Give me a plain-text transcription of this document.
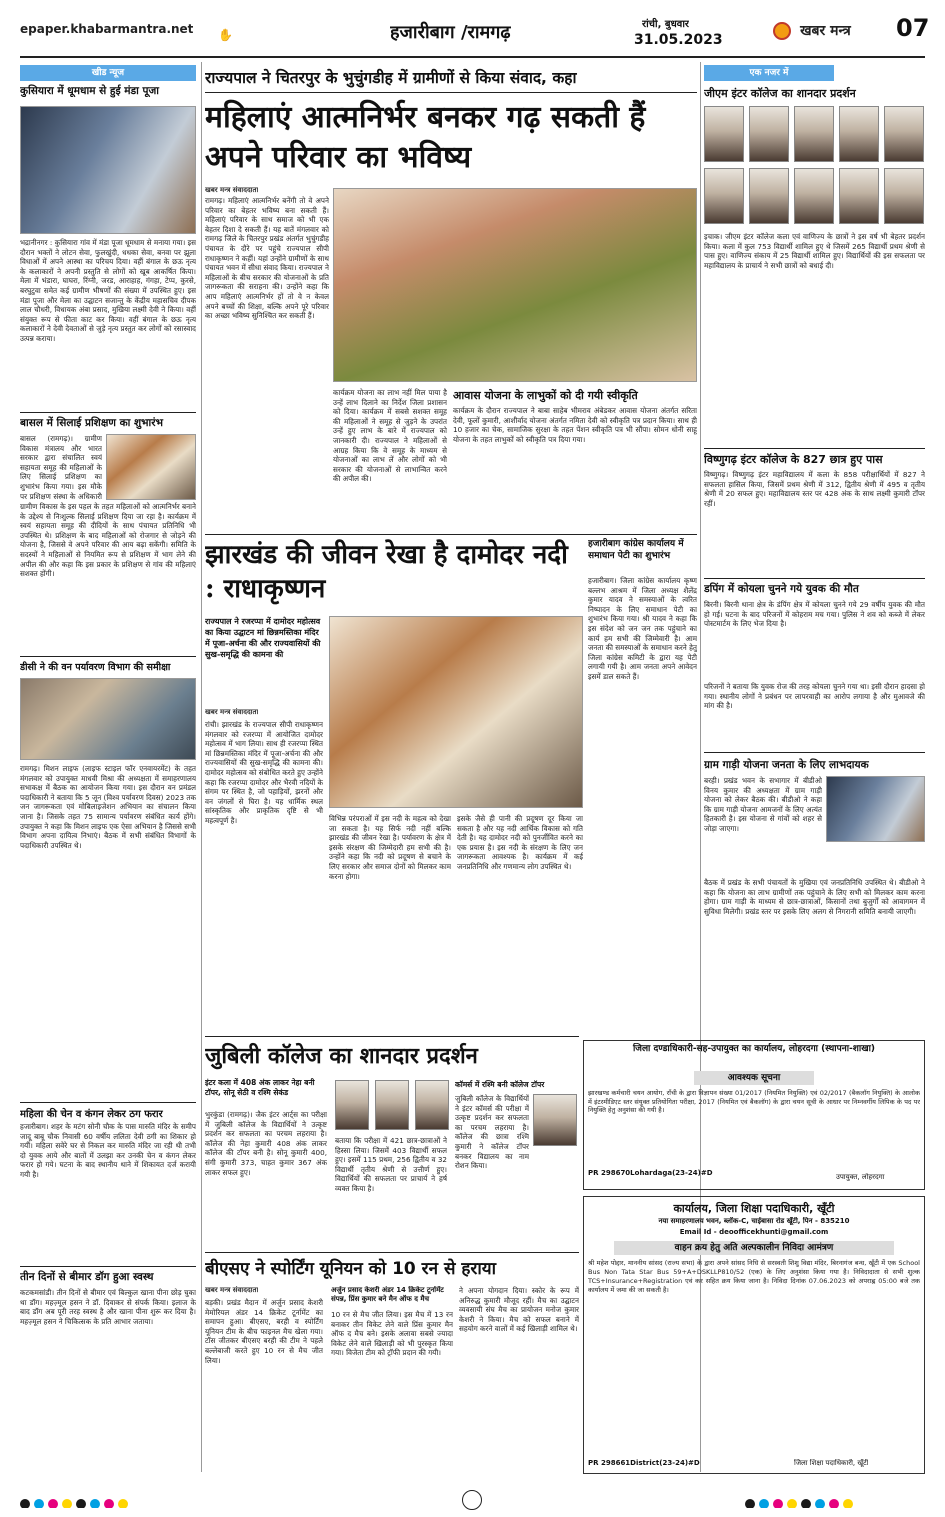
epaper.khabarmantra.net ✋	हजारीबाग /रामगढ़	रांची, बुधवार
31.05.2023
खबर मन्त्र	07
खीड न्यूज
कुसियारा में धूमधाम से हुई मंडा पूजा
भद्रानीनगर : कुसियारा गांव में मंडा पूजा धूमधाम से मनाया गया। इस दौरान भक्तों ने लोटन सेवा, फुलखुंदी, धधका सेवा, बनवा पर झूला विधाओं में अपने आस्था का परिचय दिया। वहीं बंगाल के छऊ नृत्य के कलाकारों ने अपनी प्रस्तुति से लोगों को खूब आकर्षित किया। मेला में भंडारा, घाघरा, रिंग्नी, जरड, आराहाह, गंगहा, टेप्प, कुरसे, बरघुटुवा समेत कई ग्रामीण भीषणों की संख्या में उपस्थित हुए। इस मंडा पूजा और मेला का उद्घाटन सजान्तु के केंद्रीय महासचिव दीपक लाल चौधरी, विधायक अंबा प्रसाद, मुखिया लक्ष्मी देवी ने किया। वहीं संयुक्त रूप से फीता काट कर किया। वहीं बंगाल के छऊ नृत्य कलाकारों ने देवी देवताओं से जुड़े नृत्य प्रस्तुत कर लोगों को रसास्वाद उत्पन्न कराया।
बासल में सिलाई प्रशिक्षण का शुभारंभ
बासल (रामगढ़)। ग्रामीण विकास मंत्रालय और भारत सरकार द्वारा संचालित स्वयं सहायता समूह की महिलाओं के लिए सिलाई प्रशिक्षण का शुभारंभ किया गया। इस मौके पर प्रशिक्षण संस्था के अधिकारी
ग्रामीण विकास के इस पहल के तहत महिलाओं को आत्मनिर्भर बनाने के उद्देश्य से निःशुल्क सिलाई प्रशिक्षण दिया जा रहा है। कार्यक्रम में स्वयं सहायता समूह की दीदियों के साथ पंचायत प्रतिनिधि भी उपस्थित थे। प्रशिक्षण के बाद महिलाओं को रोजगार से जोड़ने की योजना है, जिससे वे अपने परिवार की आय बढ़ा सकेंगी। समिति के सदस्यों ने महिलाओं से नियमित रूप से प्रशिक्षण में भाग लेने की अपील की और कहा कि इस प्रकार के प्रशिक्षण से गांव की महिलाएं सशक्त होंगी।
डीसी ने की वन पर्यावरण विभाग की समीक्षा
रामगढ़। मिशन लाइफ (लाइफ स्टाइल फॉर एनवायरमेंट) के तहत मंगलवार को उपायुक्त माधवी मिश्रा की अध्यक्षता में समाहरणालय सभाकक्ष में बैठक का आयोजन किया गया। इस दौरान वन प्रमंडल पदाधिकारी ने बताया कि 5 जून (विश्व पर्यावरण दिवस) 2023 तक जन जागरूकता एवं मोबिलाइजेशन अभियान का संचालन किया जाना है। जिसके तहत 75 सामान्य पर्यावरण संबंधित कार्य होंगे। उपायुक्त ने कहा कि मिशन लाइफ एक ऐसा अभियान है जिससे सभी विभाग अपना दायित्व निभाएं। बैठक में सभी संबंधित विभागों के पदाधिकारी उपस्थित थे।
महिला की चेन व कंगन लेकर ठग फरार
हजारीबाग। शहर के मटंग सोनी चौक के पास मारुति मंदिर के समीप जादू बाबू चौक निवासी 60 वर्षीय ललिता देवी ठगी का शिकार हो गयीं। महिला सवेरे घर से निकल कर मारुति मंदिर जा रही थी तभी दो युवक आये और बातों में उलझा कर उनकी चेन व कंगन लेकर फरार हो गये। घटना के बाद स्थानीय थाने में शिकायत दर्ज करायी गयी है।
तीन दिनों से बीमार डॉग हुआ स्वस्थ
कटकमसांडी। तीन दिनों से बीमार एवं बिल्कुल खाना पीना छोड़ चुका था डॉग। महज़्मूल हसन ने डॉ. दिवाकर से संपर्क किया। इलाज के बाद डॉग अब पूरी तरह स्वस्थ है और खाना पीना शुरू कर दिया है। महज़्मूल हसन ने चिकित्सक के प्रति आभार जताया।
राज्यपाल ने चितरपुर के भुचुंगडीह में ग्रामीणों से किया संवाद, कहा
महिलाएं आत्मनिर्भर बनकर गढ़ सकती हैं अपने परिवार का भविष्य
खबर मन्त्र संवाददाता
रामगढ़। महिलाएं आत्मनिर्भर बनेंगी तो वे अपने परिवार का बेहतर भविष्य बना सकती हैं। महिलाएं परिवार के साथ समाज को भी एक बेहतर दिशा दे सकती हैं। यह बातें मंगलवार को रामगढ़ जिले के चितरपुर प्रखंड अंतर्गत भुचुंगडीह पंचायत के दौरे पर पहुंचे राज्यपाल सीपी राधाकृष्णन ने कहीं। यहां उन्होंने ग्रामीणों के साथ पंचायत भवन में सीधा संवाद किया। राज्यपाल ने महिलाओं के बीच सरकार की योजनाओं के प्रति जागरूकता की सराहना की। उन्होंने कहा कि आप महिलाएं आत्मनिर्भर हों तो वे न केवल अपने बच्चों की शिक्षा, बल्कि अपने पूरे परिवार का अच्छा भविष्य सुनिश्चित कर सकती हैं।
कार्यक्रम योजना का लाभ नहीं मिल पाया है उन्हें लाभ दिलाने का निर्देश जिला प्रशासन को दिया। कार्यक्रम में सबसे सशक्त समूह की महिलाओं ने समूह से जुड़ने के उपरांत उन्हें हुए लाभ के बारे में राज्यपाल को जानकारी दी। राज्यपाल ने महिलाओं से आग्रह किया कि वे समूह के माध्यम से योजनाओं का लाभ लें और लोगों को भी सरकार की योजनाओं से लाभान्वित करने की अपील की।
आवास योजना के लाभुकों को दी गयी स्वीकृति
कार्यक्रम के दौरान राज्यपाल ने बाबा साहेब भीमराव अंबेडकर आवास योजना अंतर्गत सरिता देवी, फूलों कुमारी, आशीर्वाद योजना अंतर्गत नमिता देवी को स्वीकृति पत्र प्रदान किया। साथ ही 10 हजार का चेक, सामाजिक सुरक्षा के तहत पेंशन स्वीकृति पत्र भी सौंपा। सोमन धोनी साहू योजना के तहत लाभुकों को स्वीकृति पत्र दिया गया।
झारखंड की जीवन रेखा है दामोदर नदी : राधाकृष्णन
राज्यपाल ने रजरप्पा में दामोदर महोत्सव का किया उद्घाटन मां छिन्नमस्तिका मंदिर में पूजा-अर्चना की और राज्यवासियों की सुख-समृद्धि की कामना की
खबर मन्त्र संवाददाता
रांची। झारखंड के राज्यपाल सीपी राधाकृष्णन मंगलवार को रजरप्पा में आयोजित दामोदर महोत्सव में भाग लिया। साथ ही रजरप्पा स्थित मां छिन्नमस्तिका मंदिर में पूजा-अर्चना की और राज्यवासियों की सुख-समृद्धि की कामना की। दामोदर महोत्सव को संबोधित करते हुए उन्होंने कहा कि रजरप्पा दामोदर और भैरवी नदियों के संगम पर स्थित है, जो पहाड़ियों, झरनों और वन जंगलों से घिरा है। यह धार्मिक स्थल सांस्कृतिक और प्राकृतिक दृष्टि से भी महत्वपूर्ण है।	विभिन्न परंपराओं में इस नदी के महत्व को देखा जा सकता है। यह सिर्फ नदी नहीं बल्कि झारखंड की जीवन रेखा है। पर्यावरण के क्षेत्र में इसके संरक्षण की जिम्मेदारी हम सभी की है। उन्होंने कहा कि नदी को प्रदूषण से बचाने के लिए सरकार और समाज दोनों को मिलकर काम करना होगा।
इसके जैसे ही पानी की प्रदूषण दूर किया जा सकता है और यह नदी आर्थिक विकास को गति देती है। यह दामोदर नदी को पुनर्जीवित करने का एक प्रयास है। इस नदी के संरक्षण के लिए जन जागरूकता आवश्यक है। कार्यक्रम में कई जनप्रतिनिधि और गणमान्य लोग उपस्थित थे।
हजारीबाग कांग्रेस कार्यालय में समाधान पेटी का शुभारंभ
हजारीबाग। जिला कांग्रेस कार्यालय कृष्ण बल्लभ आश्रम में जिला अध्यक्ष शैलेंद्र कुमार यादव ने समस्याओं के त्वरित निष्पादन के लिए समाधान पेटी का शुभारंभ किया गया। श्री यादव ने कहा कि इस संदेश को जन जन तक पहुंचाने का कार्य हम सभी की जिम्मेवारी है। आम जनता की समस्याओं के समाधान करने हेतु जिला कांग्रेस कमिटी के द्वारा यह पेटी लगायी गयी है। आम जनता अपने आवेदन इसमें डाल सकते हैं।
जुबिली कॉलेज का शानदार प्रदर्शन
इंटर कला में 408 अंक लाकर नेहा बनी टॉपर, सोनू सेठी व रश्मि सेकंड
भुरकुंडा (रामगढ़)। जैक इंटर आर्ट्स का परीक्षा में जुबिली कॉलेज के विद्यार्थियों ने उत्कृष्ट प्रदर्शन कर सफलता का परचम लहराया है। कॉलेज की नेहा कुमारी 408 अंक लाकर कॉलेज की टॉपर बनी है। सोनू कुमारी 400, संगी कुमारी 373, चाहत कुमार 367 अंक लाकर सफल हुए।
बताया कि परीक्षा में 421 छात्र-छात्राओं ने हिस्सा लिया। जिसमें 403 विद्यार्थी सफल हुए। इसमें 115 प्रथम, 256 द्वितीय व 32 विद्यार्थी तृतीय श्रेणी से उत्तीर्ण हुए। विद्यार्थियों की सफलता पर प्राचार्य ने हर्ष व्यक्त किया है।
कॉमर्स में रश्मि बनी कॉलेज टॉपर
जुबिली कॉलेज के विद्यार्थियों ने इंटर कॉमर्स की परीक्षा में उत्कृष्ट प्रदर्शन कर सफलता का परचम लहराया है। कॉलेज की छात्रा रश्मि कुमारी ने कॉलेज टॉपर बनकर विद्यालय का नाम रोशन किया।
बीएसए ने स्पोर्टिंग यूनियन को 10 रन से हराया
खबर मन्त्र संवाददाता
बड़की। प्रखंड मैदान में अर्जुन प्रसाद केशरी मेमोरियल अंडर 14 क्रिकेट टूर्नामेंट का समापन हुआ। बीएसए, बरही व स्पोर्टिंग यूनियन टीम के बीच फाइनल मैच खेला गया। टॉस जीतकर बीएसए बरही की टीम ने पहले बल्लेबाजी करते हुए 10 रन से मैच जीत लिया।
अर्जुन प्रसाद केशरी अंडर 14 क्रिकेट टूर्नामेंट संपन्न, प्रिंस कुमार बने मैन ऑफ द मैच
10 रन से मैच जीत लिया। इस मैच में 13 रन बनाकर तीन विकेट लेने वाले प्रिंस कुमार मैन ऑफ द मैच बने। इसके अलावा सबसे ज्यादा विकेट लेने वाले खिलाड़ी को भी पुरस्कृत किया गया। विजेता टीम को ट्रॉफी प्रदान की गयी।
ने अपना योगदान दिया। स्कोर के रूप में अनिरुद्ध कुमारी मौजूद रहीं। मैच का उद्घाटन व्यवसायी संघ मैच का प्रायोजन मनोज कुमार केशरी ने किया। मैच को सफल बनाने में सहयोग करने वालों में कई खिलाड़ी शामिल थे।
एक नजर में
जीएम इंटर कॉलेज का शानदार प्रदर्शन
इचाक। जीएम इंटर कॉलेज कला एवं वाणिज्य के छात्रों ने इस वर्ष भी बेहतर प्रदर्शन किया। कला में कुल 753 विद्यार्थी शामिल हुए थे जिसमें 265 विद्यार्थी प्रथम श्रेणी से पास हुए। वाणिज्य संकाय में 25 विद्यार्थी शामिल हुए। विद्यार्थियों की इस सफलता पर महाविद्यालय के प्राचार्य ने सभी छात्रों को बधाई दी।
विष्णुगढ़ इंटर कॉलेज के 827 छात्र हुए पास
विष्णुगढ़। विष्णुगढ़ इंटर महाविद्यालय में कला के 858 परीक्षार्थियों में 827 ने सफलता हासिल किया, जिसमें प्रथम श्रेणी में 312, द्वितीय श्रेणी में 495 व तृतीय श्रेणी में 20 सफल हुए। महाविद्यालय स्तर पर 428 अंक के साथ लक्ष्मी कुमारी टॉपर रहीं।
डपिंग में कोयला चुनने गये युवक की मौत
बिरनी। बिरनी थाना क्षेत्र के डंपिंग क्षेत्र में कोयला चुनने गये 29 वर्षीय युवक की मौत हो गई। घटना के बाद परिजनों में कोहराम मच गया। पुलिस ने शव को कब्जे में लेकर पोस्टमार्टम के लिए भेज दिया है।
परिजनों ने बताया कि युवक रोज की तरह कोयला चुनने गया था। इसी दौरान हादसा हो गया। स्थानीय लोगों ने प्रबंधन पर लापरवाही का आरोप लगाया है और मुआवजे की मांग की है।
ग्राम गाड़ी योजना जनता के लिए लाभदायक
बरही। प्रखंड भवन के सभागार में बीडीओ विनय कुमार की अध्यक्षता में ग्राम गाड़ी योजना को लेकर बैठक की। बीडीओ ने कहा कि ग्राम गाड़ी योजना आमजनों के लिए अत्यंत हितकारी है। इस योजना से गांवों को शहर से जोड़ा जाएगा।
बैठक में प्रखंड के सभी पंचायतों के मुखिया एवं जनप्रतिनिधि उपस्थित थे। बीडीओ ने कहा कि योजना का लाभ ग्रामीणों तक पहुंचाने के लिए सभी को मिलकर काम करना होगा। ग्राम गाड़ी के माध्यम से छात्र-छात्राओं, किसानों तथा बुजुर्गों को आवागमन में सुविधा मिलेगी। प्रखंड स्तर पर इसके लिए अलग से निगरानी समिति बनायी जाएगी।
जिला दण्डाधिकारी-सह-उपायुक्त का कार्यालय, लोहरदगा (स्थापना-शाखा)
आवश्यक सूचना
झारखण्ड कर्मचारी चयन आयोग, राँची के द्वारा विज्ञापन संख्या 01/2017 (नियमित नियुक्ति) एवं 02/2017 (बैकलॉग नियुक्ति) के आलोक में इंटरमीडिएट स्तर संयुक्त प्रतियोगिता परीक्षा, 2017 (नियमित एवं बैकलॉग) के द्वारा चयन सूची के आधार पर निम्नवर्गीय लिपिक के पद पर नियुक्ति हेतु अनुशंसा की गयी है।
PR 298670Lohardaga(23-24)#D	उपायुक्त, लोहरदगा
कार्यालय, जिला शिक्षा पदाधिकारी, खूँटी
नया समाहरणालय भवन, ब्लॉक-C, चाईबासा रोड खूँटी, पिन - 835210
Email Id - deoofficekhunti@gmail.com
वाहन क्रय हेतु अति अल्पकालीन निविदा आमंत्रण
श्री महेश पोद्दार, माननीय सांसद (राज्य सभा) के द्वारा अपने सांसद निधि से सरस्वती शिशु विद्या मंदिर, बिरनागंज बन्ध, खूँटी में एक School Bus Non Tata Star Bus 59+A+DSKLLP810/52 (एक) के लिए अनुशंसा किया गया है। निविदादाता से सभी शुल्क TCS+Insurance+Registration एवं कर सहित क्रय किया जाना है। निविदा दिनांक 07.06.2023 को अपराह्न 05:00 बजे तक कार्यालय में जमा की जा सकती है।
PR 298661District(23-24)#D	जिला शिक्षा पदाधिकारी, खूँटी
